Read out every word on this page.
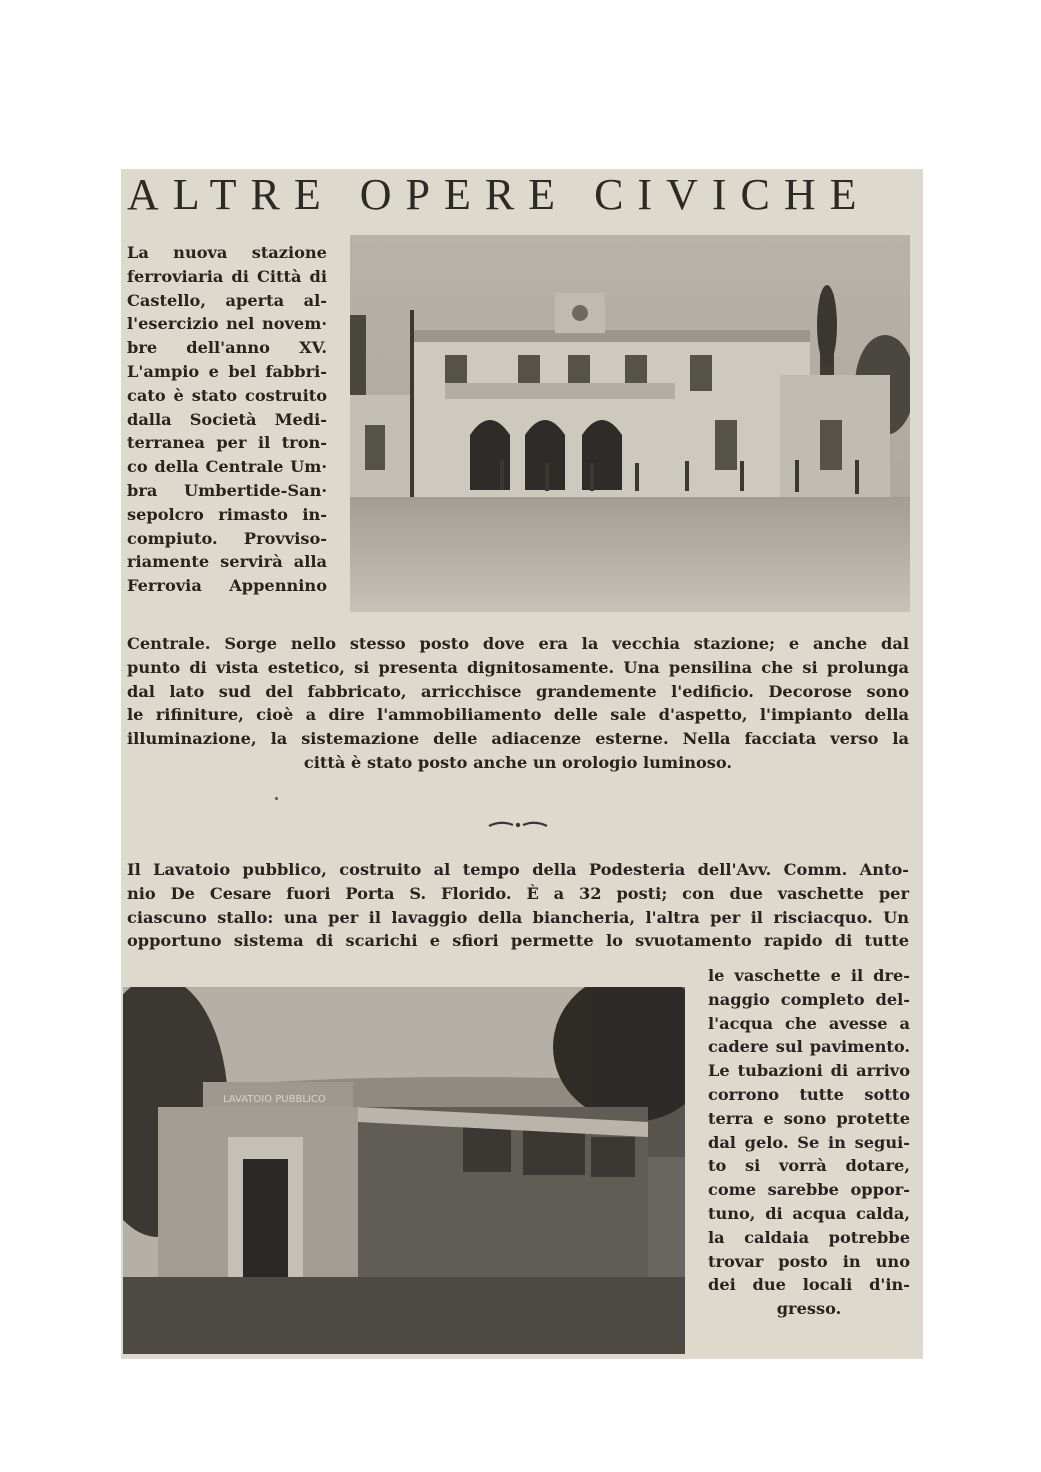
ALTRE OPERE CIVICHE
La nuova stazione
ferroviaria di Città di
Castello, aperta al-
l'esercizio nel novem·
bre dell'anno XV.
L'ampio e bel fabbri-
cato è stato costruito
dalla Società Medi-
terranea per il tron-
co della Centrale Um·
bra Umbertide-San·
sepolcro rimasto in-
compiuto. Provviso-
riamente servirà alla
Ferrovia Appennino
Centrale. Sorge nello stesso posto dove era la vecchia stazione; e anche dal
punto di vista estetico, si presenta dignitosamente. Una pensilina che si prolunga
dal lato sud del fabbricato, arricchisce grandemente l'edificio. Decorose sono
le rifiniture, cioè a dire l'ammobiliamento delle sale d'aspetto, l'impianto della
illuminazione, la sistemazione delle adiacenze esterne. Nella facciata verso la
città è stato posto anche un orologio luminoso.
Il Lavatoio pubblico, costruito al tempo della Podesteria dell'Avv. Comm. Anto-
nio De Cesare fuori Porta S. Florido. È a 32 posti; con due vaschette per
ciascuno stallo: una per il lavaggio della biancheria, l'altra per il risciacquo. Un
opportuno sistema di scarichi e sfiori permette lo svuotamento rapido di tutte
LAVATOIO PUBBLICO
le vaschette e il dre-
naggio completo del-
l'acqua che avesse a
cadere sul pavimento.
Le tubazioni di arrivo
corrono tutte sotto
terra e sono protette
dal gelo. Se in segui-
to si vorrà dotare,
come sarebbe oppor-
tuno, di acqua calda,
la caldaia potrebbe
trovar posto in uno
dei due locali d'in-
gresso.
